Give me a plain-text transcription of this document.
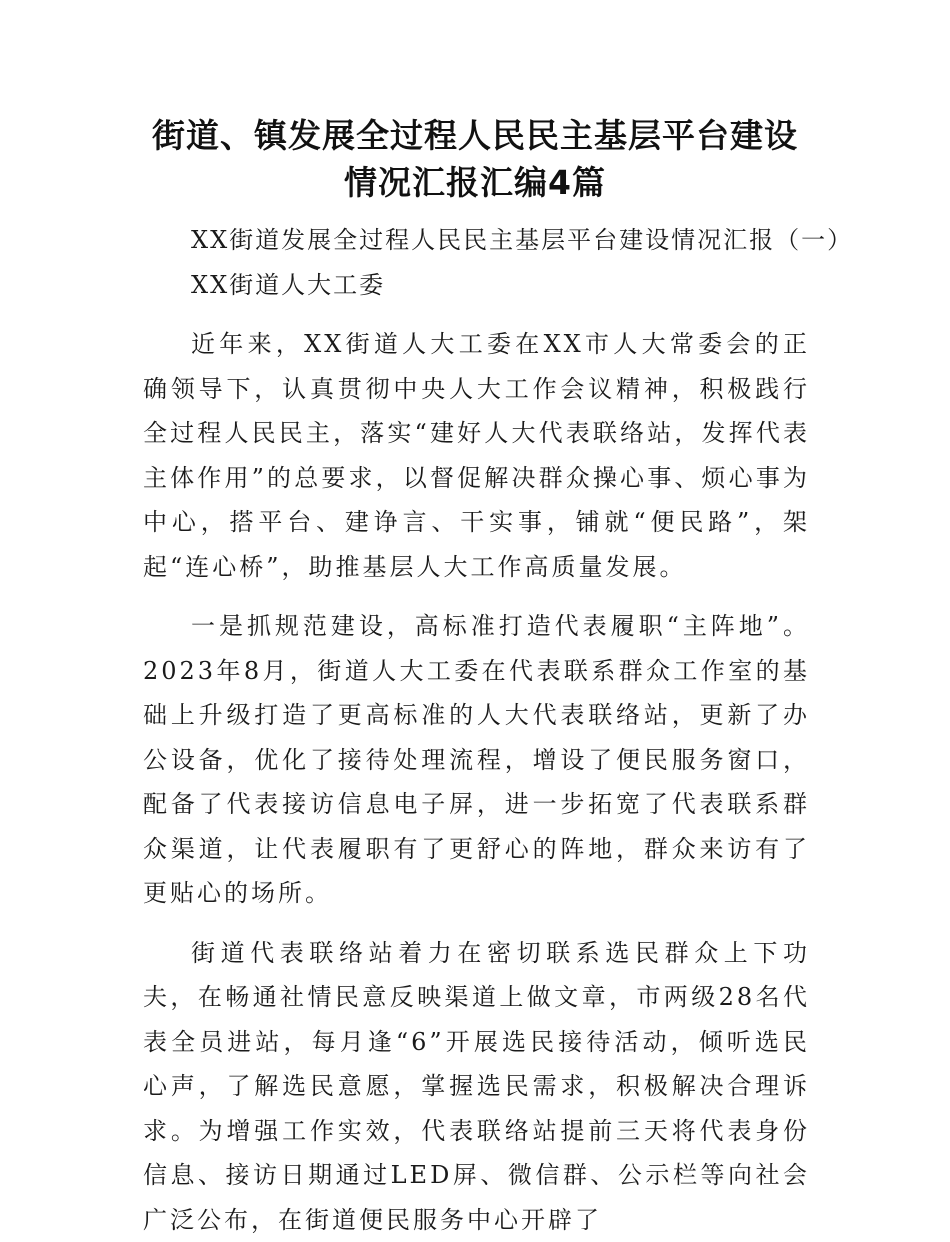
街道、镇发展全过程人民民主基层平台建设情况汇报汇编4篇

XX街道发展全过程人民民主基层平台建设情况汇报（一）

XX街道人大工委

近年来，XX街道人大工委在XX市人大常委会的正确领导下，认真贯彻中央人大工作会议精神，积极践行全过程人民民主，落实“建好人大代表联络站，发挥代表主体作用”的总要求，以督促解决群众操心事、烦心事为中心，搭平台、建诤言、干实事，铺就“便民路”，架起“连心桥”，助推基层人大工作高质量发展。

一是抓规范建设，高标准打造代表履职“主阵地”。2023年8月，街道人大工委在代表联系群众工作室的基础上升级打造了更高标准的人大代表联络站，更新了办公设备，优化了接待处理流程，增设了便民服务窗口，配备了代表接访信息电子屏，进一步拓宽了代表联系群众渠道，让代表履职有了更舒心的阵地，群众来访有了更贴心的场所。

街道代表联络站着力在密切联系选民群众上下功夫，在畅通社情民意反映渠道上做文章，市两级28名代表全员进站，每月逢“6”开展选民接待活动，倾听选民心声，了解选民意愿，掌握选民需求，积极解决合理诉求。为增强工作实效，代表联络站提前三天将代表身份信息、接访日期通过LED屏、微信群、公示栏等向社会广泛公布，在街道便民服务中心开辟了
